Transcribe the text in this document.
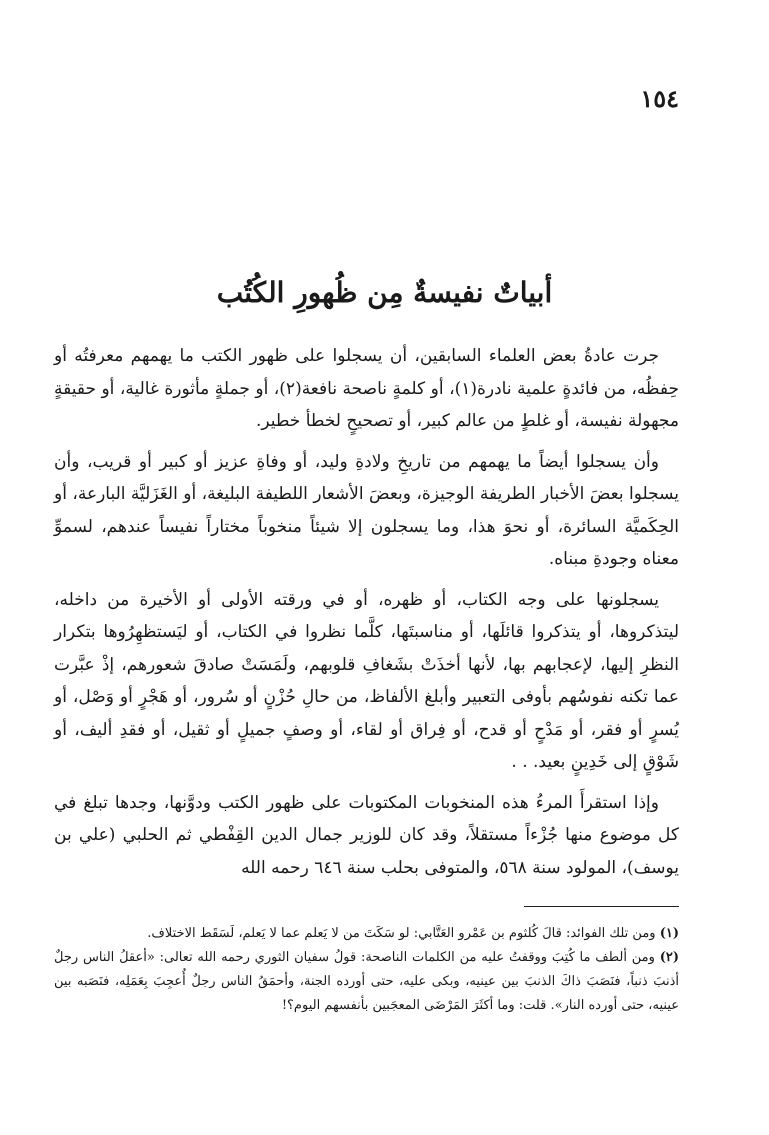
١٥٤
أبياتٌ نفيسةٌ مِن ظُهورِ الكُتُب

جرت عادةُ بعض العلماء السابقين، أن يسجلوا على ظهور الكتب ما يهمهم معرفتُه أو حِفظُه، من فائدةٍ علمية نادرة(١)، أو كلمةٍ ناصحة نافعة(٢)، أو جملةٍ مأثورة غالية، أو حقيقةٍ مجهولة نفيسة، أو غلطٍ من عالم كبير، أو تصحيحٍ لخطأ خطير.

وأن يسجلوا أيضاً ما يهمهم من تاريخِ ولادةِ وليد، أو وفاةِ عزيز أو كبير أو قريب، وأن يسجلوا بعضَ الأخبار الطريفة الوجيزة، وبعضَ الأشعار اللطيفة البليغة، أو الغَزَليَّة البارعة، أو الحِكَميَّة السائرة، أو نحوَ هذا، وما يسجلون إلا شيئاً منخوباً مختاراً نفيساً عندهم، لسموِّ معناه وجودةِ مبناه.

يسجلونها على وجه الكتاب، أو ظهره، أو في ورقته الأولى أو الأخيرة من داخله، ليتذكروها، أو يتذكروا قائلَها، أو مناسبتَها، كلَّما نظروا في الكتاب، أو ليَستظهِرُوها بتكرار النظرِ إليها، لإعجابهم بها، لأنها أخذَتْ بشَغافِ قلوبهم، ولَمَسَتْ صادقَ شعورهم، إذْ عبَّرت عما تكنه نفوسُهم بأوفى التعبير وأبلغ الألفاظ، من حالِ حُزْنٍ أو سُرور، أو هَجْرٍ أو وَصْل، أو يُسرٍ أو فقر، أو مَدْحٍ أو قدح، أو فِراق أو لقاء، أو وصفٍ جميلٍ أو ثقيل، أو فقدِ أليف، أو شَوْقٍ إلى خَدِينٍ بعيد. . .

وإذا استقرأَ المرءُ هذه المنخوبات المكتوبات على ظهور الكتب ودوَّنها، وجدها تبلغ في كل موضوع منها جُزْءاً مستقلاً، وقد كان للوزير جمال الدين القِفْطي ثم الحلبي (علي بن يوسف)، المولود سنة ٥٦٨، والمتوفى بحلب سنة ٦٤٦ رحمه الله

(١) ومن تلك الفوائد: قالَ كُلثوم بن عَمْرو العَتَّابي: لو سَكَتَ من لا يَعلم عما لا يَعلم، لَسَقَط الاختلاف.

(٢) ومن ألطف ما كُتِبَ ووقفتُ عليه من الكلمات الناصحة: قولُ سفيان الثوري رحمه الله تعالى: «أعقلُ الناس رجلٌ أذنبَ ذنباً، فنَصَبَ ذاكَ الذنبَ بين عينيه، وبكى عليه، حتى أورده الجنة، وأحمَقُ الناس رجلٌ أُعجِبَ بِعَمَلِه، فنَصَبه بين عينيه، حتى أورده النار». قلت: وما أكثَرَ المَرْضَى المعجَبين بأنفسهم اليوم؟!
